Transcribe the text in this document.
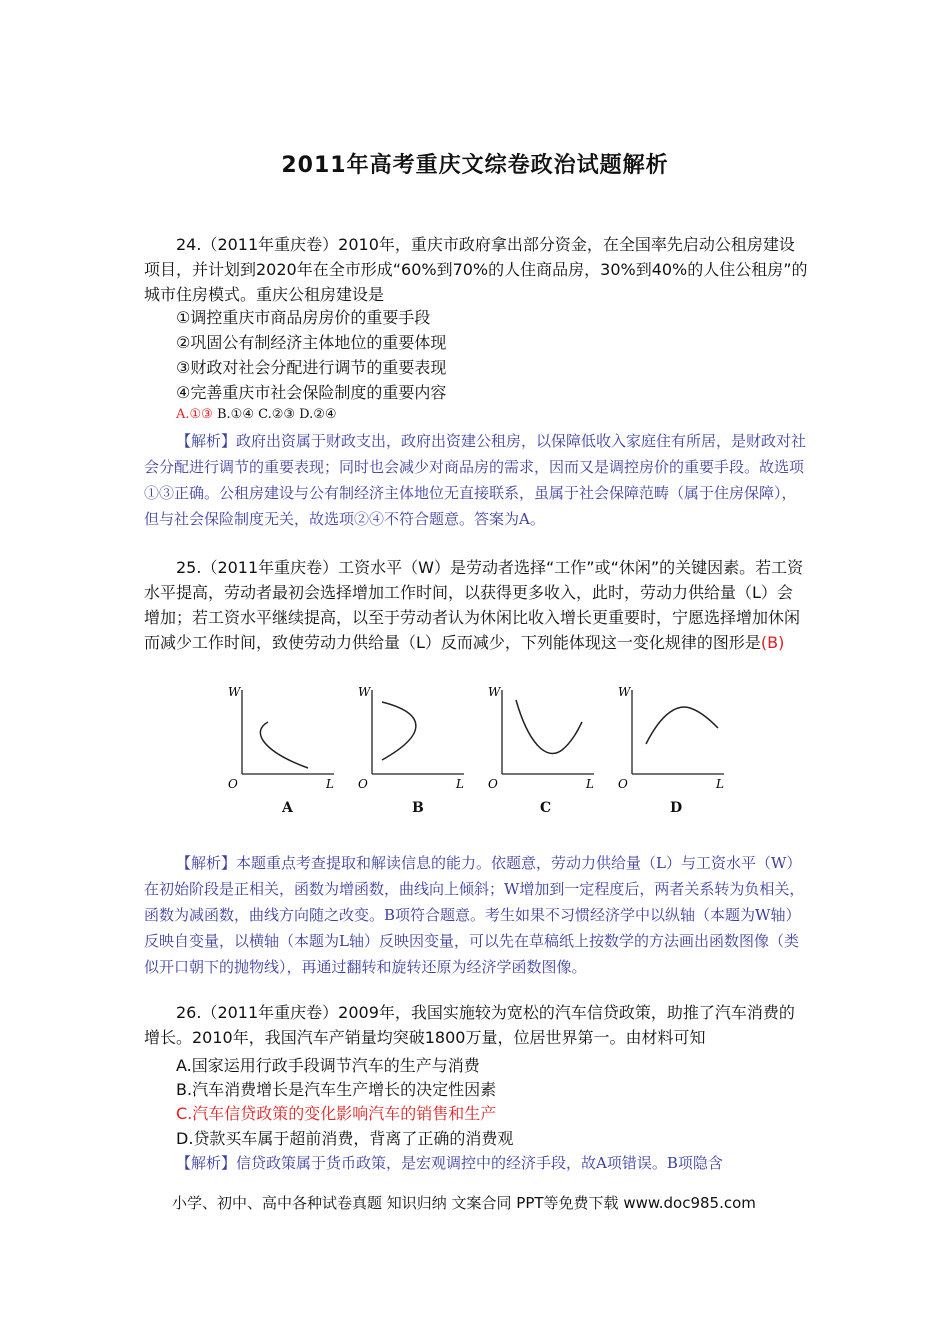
2011年高考重庆文综卷政治试题解析
24.（2011年重庆卷）2010年，重庆市政府拿出部分资金，在全国率先启动公租房建设项目，并计划到2020年在全市形成“60%到70%的人住商品房，30%到40%的人住公租房”的城市住房模式。重庆公租房建设是
①调控重庆市商品房房价的重要手段
②巩固公有制经济主体地位的重要体现
③财政对社会分配进行调节的重要表现
④完善重庆市社会保险制度的重要内容
A.①③ B.①④ C.②③ D.②④
【解析】政府出资属于财政支出，政府出资建公租房，以保障低收入家庭住有所居，是财政对社会分配进行调节的重要表现；同时也会减少对商品房的需求，因而又是调控房价的重要手段。故选项①③正确。公租房建设与公有制经济主体地位无直接联系，虽属于社会保障范畴（属于住房保障），但与社会保险制度无关，故选项②④不符合题意。答案为A。
25.（2011年重庆卷）工资水平（W）是劳动者选择“工作”或“休闲”的关键因素。若工资水平提高，劳动者最初会选择增加工作时间，以获得更多收入，此时，劳动力供给量（L）会增加；若工资水平继续提高，以至于劳动者认为休闲比收入增长更重要时，宁愿选择增加休闲而减少工作时间，致使劳动力供给量（L）反而减少，下列能体现这一变化规律的图形是(B)
W
O	L
A
W
O	L
B
W
O	L
C
W
O	L
D
【解析】本题重点考查提取和解读信息的能力。依题意，劳动力供给量（L）与工资水平（W）在初始阶段是正相关，函数为增函数，曲线向上倾斜；W增加到一定程度后，两者关系转为负相关，函数为减函数，曲线方向随之改变。B项符合题意。考生如果不习惯经济学中以纵轴（本题为W轴）反映自变量，以横轴（本题为L轴）反映因变量，可以先在草稿纸上按数学的方法画出函数图像（类似开口朝下的抛物线），再通过翻转和旋转还原为经济学函数图像。
26.（2011年重庆卷）2009年，我国实施较为宽松的汽车信贷政策，助推了汽车消费的增长。2010年，我国汽车产销量均突破1800万量，位居世界第一。由材料可知
A.国家运用行政手段调节汽车的生产与消费
B.汽车消费增长是汽车生产增长的决定性因素
C.汽车信贷政策的变化影响汽车的销售和生产
D.贷款买车属于超前消费，背离了正确的消费观
【解析】信贷政策属于货币政策，是宏观调控中的经济手段，故A项错误。B项隐含
小学、初中、高中各种试卷真题 知识归纳 文案合同 PPT等免费下载 www.doc985.com
